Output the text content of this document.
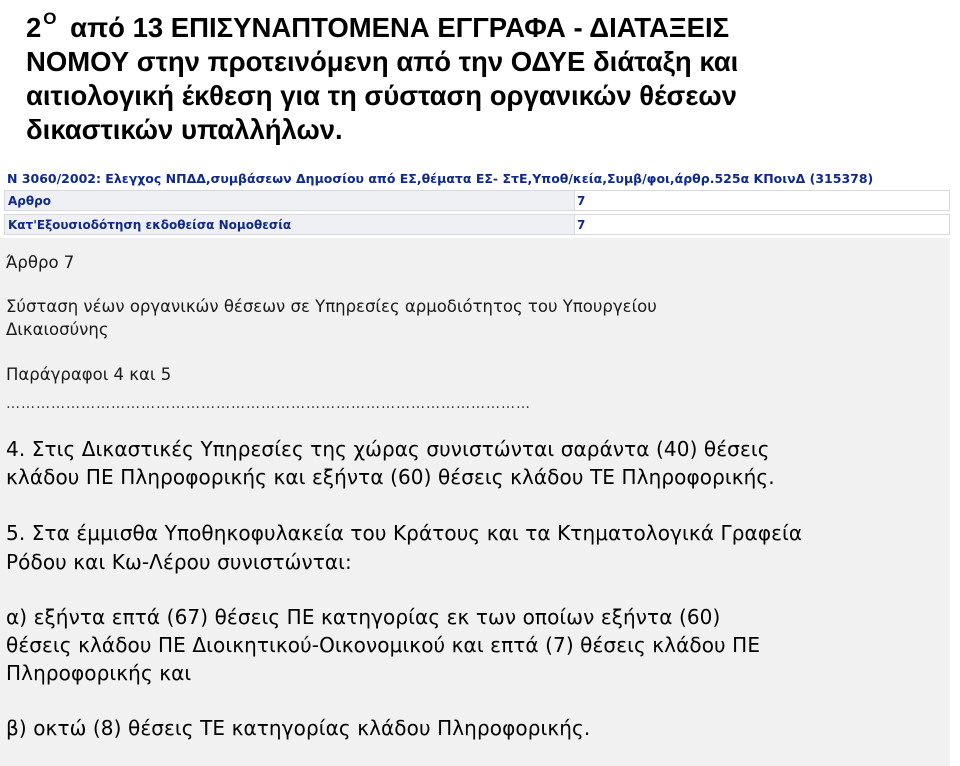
2 $^O$ από 13 ΕΠΙΣΥΝΑΠΤΟΜΕΝΑ ΕΓΓΡΑΦΑ - ΔΙΑΤΑΞΕΙΣ
ΝΟΜΟΥ στην προτεινόμενη από την ΟΔΥΕ διάταξη και
αιτιολογική έκθεση για τη σύσταση οργανικών θέσεων
δικαστικών υπαλλήλων.
Ν 3060/2002: Ελεγχος ΝΠΔΔ,συμβάσεων Δημοσίου από ΕΣ,θέματα ΕΣ- ΣτΕ,Υποθ/κεία,Συμβ/φοι,άρθρ.525α ΚΠοινΔ (315378)
Αρθρο	7
Κατ'Εξουσιοδότηση εκδοθείσα Νομοθεσία	7
Άρθρο 7
Σύσταση νέων οργανικών θέσεων σε Υπηρεσίες αρμοδιότητος του Υπουργείου
Δικαιοσύνης
Παράγραφοι 4 και 5
……………………………………………………………………………………………
4. Στις Δικαστικές Υπηρεσίες της χώρας συνιστώνται σαράντα (40) θέσεις
κλάδου ΠΕ Πληροφορικής και εξήντα (60) θέσεις κλάδου ΤΕ Πληροφορικής.
5. Στα έμμισθα Υποθηκοφυλακεία του Κράτους και τα Κτηματολογικά Γραφεία
Ρόδου και Κω-Λέρου συνιστώνται:
α) εξήντα επτά (67) θέσεις ΠΕ κατηγορίας εκ των οποίων εξήντα (60)
θέσεις κλάδου ΠΕ Διοικητικού-Οικονομικού και επτά (7) θέσεις κλάδου ΠΕ
Πληροφορικής και
β) οκτώ (8) θέσεις ΤΕ κατηγορίας κλάδου Πληροφορικής.
